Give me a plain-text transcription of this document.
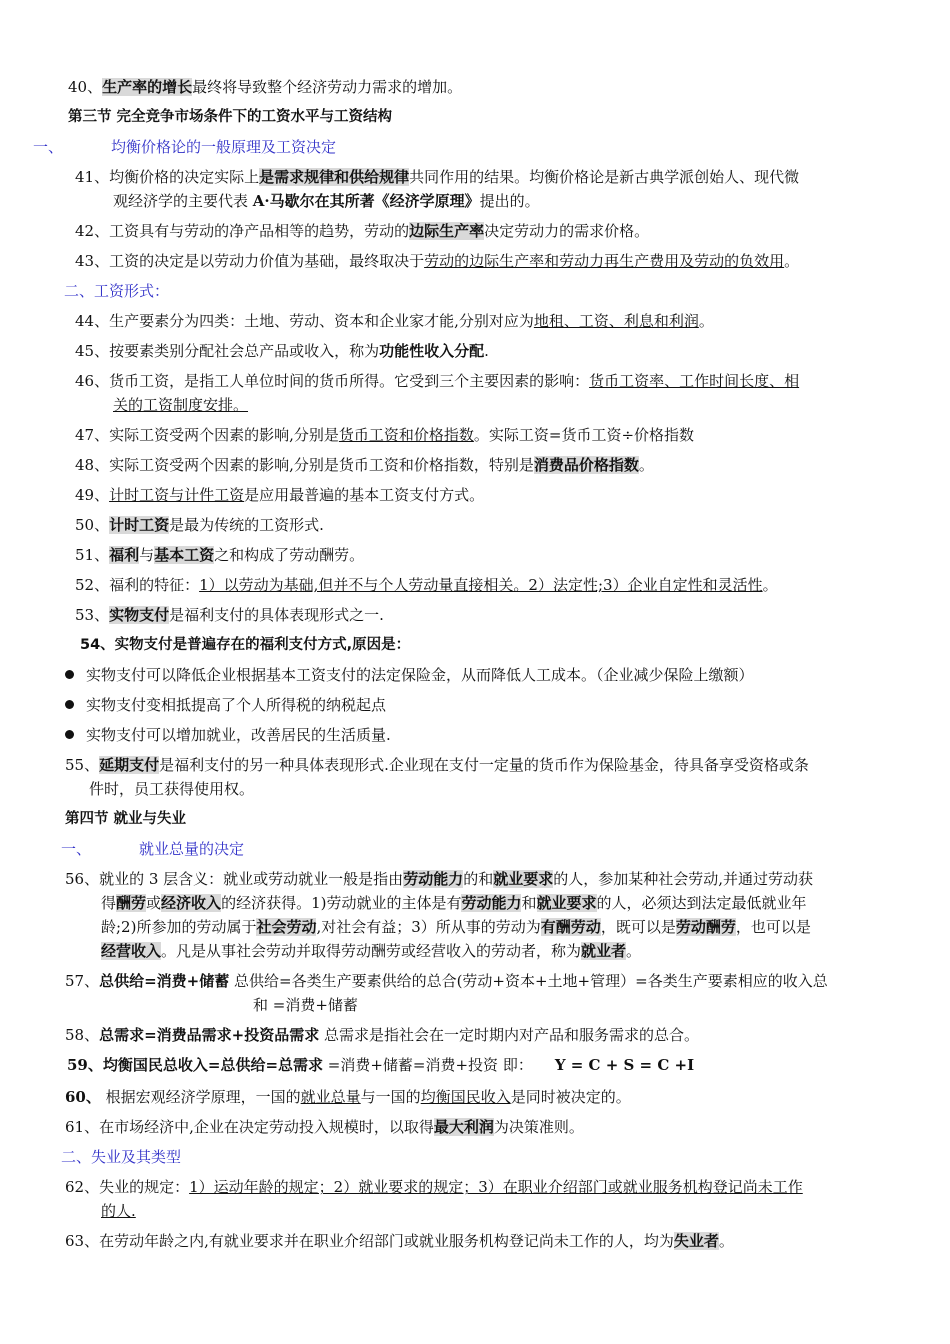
40、生产率的增长最终将导致整个经济劳动力需求的增加。
第三节 完全竞争市场条件下的工资水平与工资结构
一、	均衡价格论的一般原理及工资决定
41、均衡价格的决定实际上是需求规律和供给规律共同作用的结果。均衡价格论是新古典学派创始人、现代微
观经济学的主要代表 A·马歇尔在其所著《经济学原理》提出的。
42、工资具有与劳动的净产品相等的趋势，劳动的边际生产率决定劳动力的需求价格。
43、工资的决定是以劳动力价值为基础，最终取决于劳动的边际生产率和劳动力再生产费用及劳动的负效用。
二、工资形式：
44、生产要素分为四类：土地、劳动、资本和企业家才能,分别对应为地租、工资、利息和利润。
45、按要素类别分配社会总产品或收入，称为功能性收入分配.
46、货币工资，是指工人单位时间的货币所得。它受到三个主要因素的影响：货币工资率、工作时间长度、相
关的工资制度安排。
47、实际工资受两个因素的影响,分别是货币工资和价格指数。实际工资=货币工资÷价格指数
48、实际工资受两个因素的影响,分别是货币工资和价格指数，特别是消费品价格指数。
49、计时工资与计件工资是应用最普遍的基本工资支付方式。
50、计时工资是最为传统的工资形式.
51、福利与基本工资之和构成了劳动酬劳。
52、福利的特征：1）以劳动为基础,但并不与个人劳动量直接相关。2）法定性;3）企业自定性和灵活性。
53、实物支付是福利支付的具体表现形式之一.
54、实物支付是普遍存在的福利支付方式,原因是：
实物支付可以降低企业根据基本工资支付的法定保险金，从而降低人工成本。（企业减少保险上缴额）
实物支付变相抵提高了个人所得税的纳税起点
实物支付可以增加就业，改善居民的生活质量.
55、延期支付是福利支付的另一种具体表现形式.企业现在支付一定量的货币作为保险基金，待具备享受资格或条
件时，员工获得使用权。
第四节 就业与失业
一、	就业总量的决定
56、就业的 3 层含义：就业或劳动就业一般是指由劳动能力的和就业要求的人，参加某种社会劳动,并通过劳动获
得酬劳或经济收入的经济获得。1)劳动就业的主体是有劳动能力和就业要求的人，必须达到法定最低就业年
龄;2)所参加的劳动属于社会劳动,对社会有益；3）所从事的劳动为有酬劳动，既可以是劳动酬劳，也可以是
经营收入。凡是从事社会劳动并取得劳动酬劳或经营收入的劳动者，称为就业者。
57、总供给=消费+储蓄 总供给=各类生产要素供给的总合(劳动+资本+土地+管理）=各类生产要素相应的收入总
和 =消费+储蓄
58、总需求=消费品需求+投资品需求 总需求是指社会在一定时期内对产品和服务需求的总合。
59、均衡国民总收入=总供给=总需求 =消费+储蓄=消费+投资 即： Y = C + S = C +I
60、 根据宏观经济学原理，一国的就业总量与一国的均衡国民收入是同时被决定的。
61、在市场经济中,企业在决定劳动投入规模时，以取得最大利润为决策准则。
二、失业及其类型
62、失业的规定：1）运动年龄的规定；2）就业要求的规定；3）在职业介绍部门或就业服务机构登记尚未工作
的人.
63、在劳动年龄之内,有就业要求并在职业介绍部门或就业服务机构登记尚未工作的人，均为失业者。
